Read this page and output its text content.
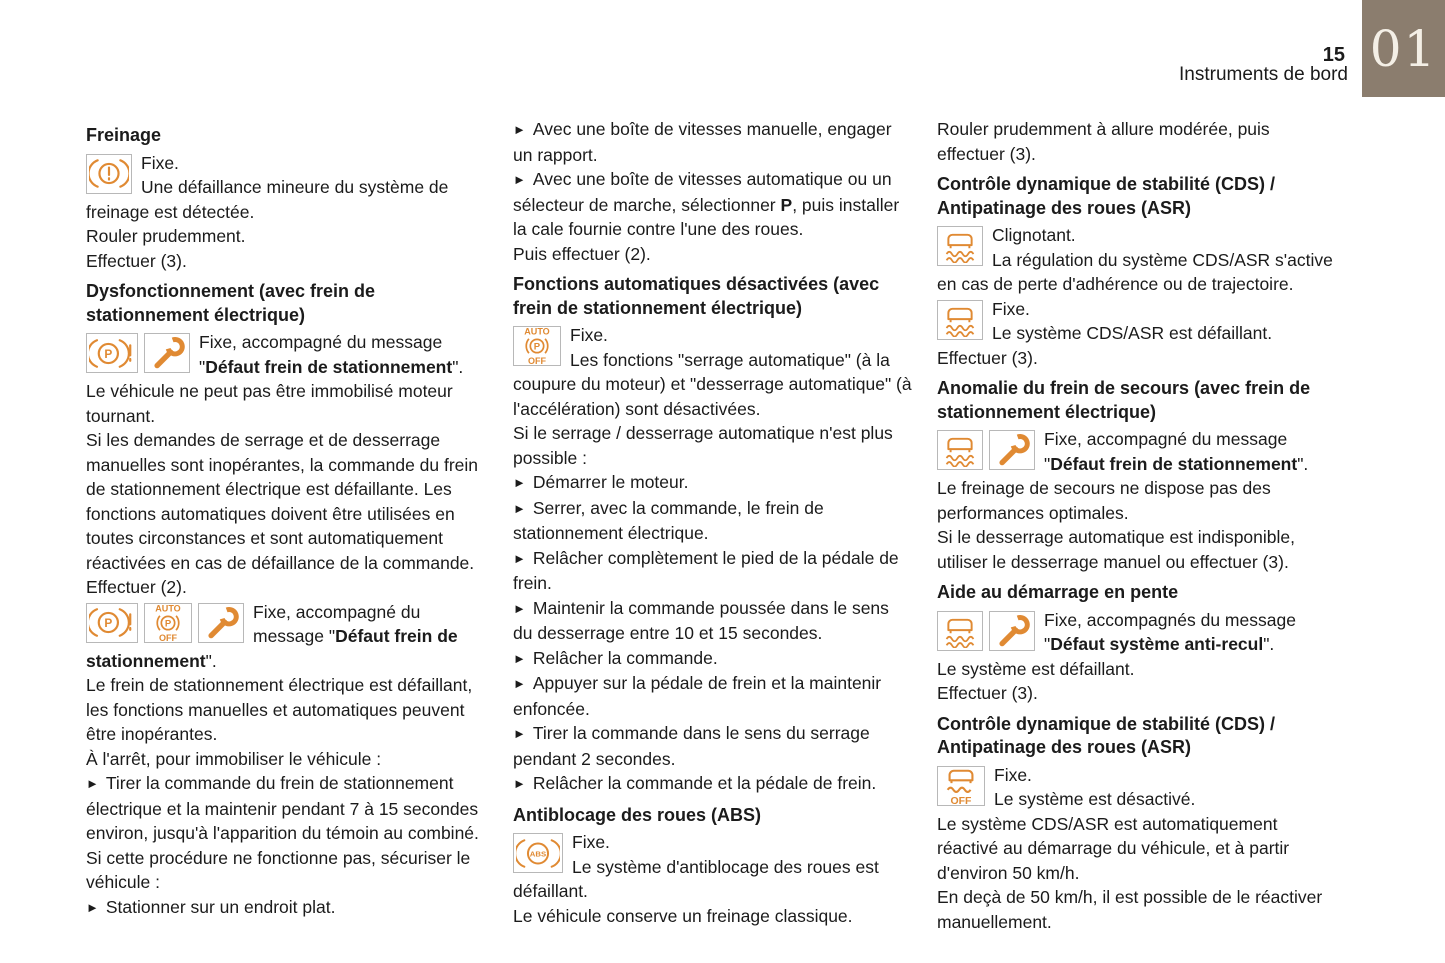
15
Instruments de bord 01
Freinage

Fixe.

Une défaillance mineure du système de freinage est détectée.

Rouler prudemment.

Effectuer (3).

Dysfonctionnement (avec frein de stationnement électrique)
P

Fixe, accompagné du message "Défaut frein de stationnement".

Le véhicule ne peut pas être immobilisé moteur tournant.

Si les demandes de serrage et de desserrage manuelles sont inopérantes, la commande du frein de stationnement électrique est défaillante. Les fonctions automatiques doivent être utilisées en toutes circonstances et sont automatiquement réactivées en cas de défaillance de la commande.

Effectuer (2).

P
AUTO
P
OFF

Fixe, accompagné du message "Défaut frein de stationnement".

Le frein de stationnement électrique est défaillant, les fonctions manuelles et automatiques peuvent être inopérantes.

À l'arrêt, pour immobiliser le véhicule :

► Tirer la commande du frein de stationnement électrique et la maintenir pendant 7 à 15 secondes environ, jusqu'à l'apparition du témoin au combiné.

Si cette procédure ne fonctionne pas, sécuriser le véhicule :

► Stationner sur un endroit plat.

► Avec une boîte de vitesses manuelle, engager un rapport.

► Avec une boîte de vitesses automatique ou un sélecteur de marche, sélectionner P, puis installer la cale fournie contre l'une des roues.

Puis effectuer (2).

Fonctions automatiques désactivées (avec frein de stationnement électrique)
AUTO
P
OFF

Fixe.

Les fonctions "serrage automatique" (à la coupure du moteur) et "desserrage automatique" (à l'accélération) sont désactivées.

Si le serrage / desserrage automatique n'est plus possible :

► Démarrer le moteur.

► Serrer, avec la commande, le frein de stationnement électrique.

► Relâcher complètement le pied de la pédale de frein.

► Maintenir la commande poussée dans le sens du desserrage entre 10 et 15 secondes.

► Relâcher la commande.

► Appuyer sur la pédale de frein et la maintenir enfoncée.

► Tirer la commande dans le sens du serrage pendant 2 secondes.

► Relâcher la commande et la pédale de frein.

Antiblocage des roues (ABS)
ABS

Fixe.

Le système d'antiblocage des roues est défaillant.

Le véhicule conserve un freinage classique.

Rouler prudemment à allure modérée, puis effectuer (3).

Contrôle dynamique de stabilité (CDS) / Antipatinage des roues (ASR)

Clignotant.

La régulation du système CDS/ASR s'active en cas de perte d'adhérence ou de trajectoire.

Fixe.

Le système CDS/ASR est défaillant.

Effectuer (3).

Anomalie du frein de secours (avec frein de stationnement électrique)

Fixe, accompagné du message "Défaut frein de stationnement".

Le freinage de secours ne dispose pas des performances optimales.

Si le desserrage automatique est indisponible, utiliser le desserrage manuel ou effectuer (3).

Aide au démarrage en pente

Fixe, accompagnés du message "Défaut système anti-recul".

Le système est défaillant.

Effectuer (3).

Contrôle dynamique de stabilité (CDS) / Antipatinage des roues (ASR)
OFF

Fixe.

Le système est désactivé.

Le système CDS/ASR est automatiquement réactivé au démarrage du véhicule, et à partir d'environ 50 km/h.

En deçà de 50 km/h, il est possible de le réactiver manuellement.
